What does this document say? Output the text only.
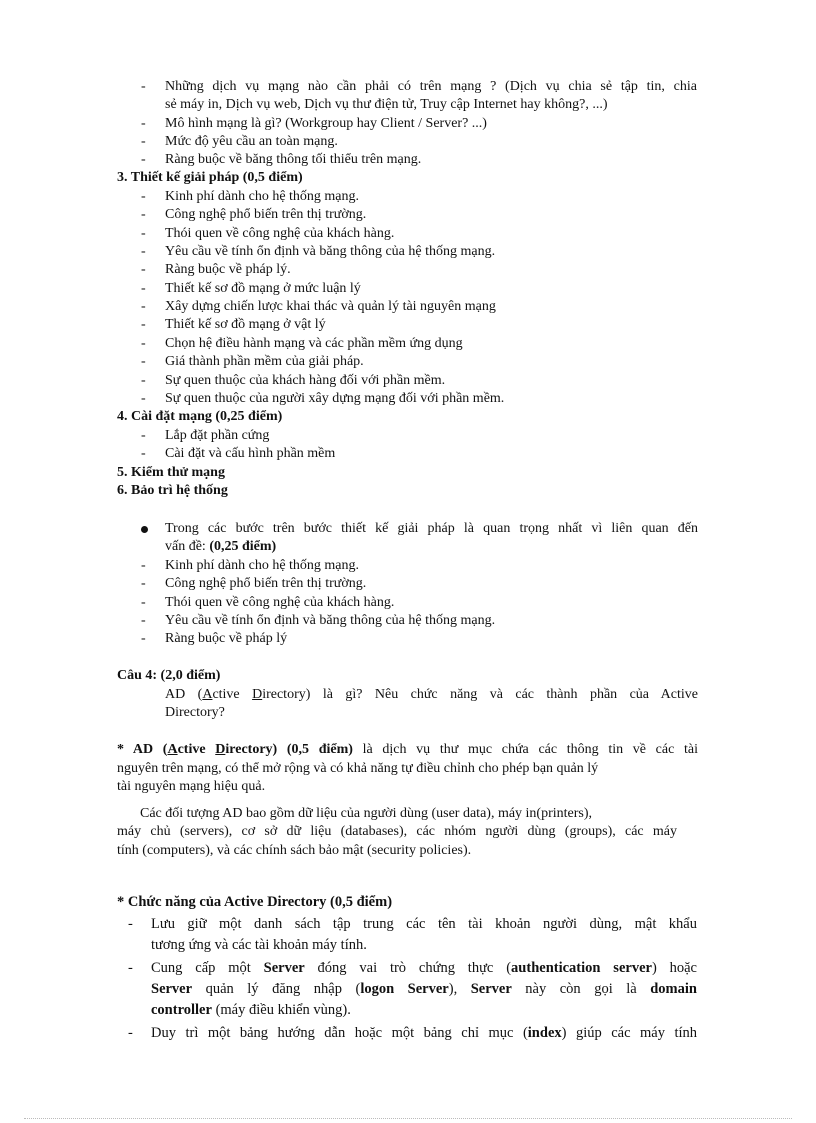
- Những dịch vụ mạng nào cần phải có trên mạng ? (Dịch vụ chia sẻ tập tin, chia
sẻ máy in, Dịch vụ web, Dịch vụ thư điện tử, Truy cập Internet hay không?, ...)
- Mô hình mạng là gì? (Workgroup hay Client / Server? ...)
- Mức độ yêu cầu an toàn mạng.
- Ràng buộc về băng thông tối thiểu trên mạng.
3. Thiết kế giải pháp (0,5 điểm)
- Kinh phí dành cho hệ thống mạng.
- Công nghệ phổ biến trên thị trường.
- Thói quen về công nghệ của khách hàng.
- Yêu cầu về tính ổn định và băng thông của hệ thống mạng.
- Ràng buộc về pháp lý.
- Thiết kế sơ đồ mạng ở mức luận lý
- Xây dựng chiến lược khai thác và quản lý tài nguyên mạng
- Thiết kế sơ đồ mạng ở vật lý
- Chọn hệ điều hành mạng và các phần mềm ứng dụng
- Giá thành phần mềm của giải pháp.
- Sự quen thuộc của khách hàng đối với phần mềm.
- Sự quen thuộc của người xây dựng mạng đối với phần mềm.
4. Cài đặt mạng (0,25 điểm)
- Lắp đặt phần cứng
- Cài đặt và cấu hình phần mềm
5. Kiểm thử mạng
6. Bảo trì hệ thống
Trong các bước trên bước thiết kế giải pháp là quan trọng nhất vì liên quan đến
vấn đề: (0,25 điểm)
- Kinh phí dành cho hệ thống mạng.
- Công nghệ phổ biến trên thị trường.
- Thói quen về công nghệ của khách hàng.
- Yêu cầu về tính ổn định và băng thông của hệ thống mạng.
- Ràng buộc về pháp lý
Câu 4: (2,0 điểm)
AD (Active Directory) là gì? Nêu chức năng và các thành phần của Active
Directory?
* AD (Active Directory) (0,5 điểm) là dịch vụ thư mục chứa các thông tin về các tài
nguyên trên mạng, có thể mở rộng và có khả năng tự điều chỉnh cho phép bạn quản lý
tài nguyên mạng hiệu quả.
Các đối tượng AD bao gồm dữ liệu của người dùng (user data), máy in(printers),
máy chủ (servers), cơ sở dữ liệu (databases), các nhóm người dùng (groups), các máy
tính (computers), và các chính sách bảo mật (security policies).
* Chức năng của Active Directory (0,5 điểm)
- Lưu giữ một danh sách tập trung các tên tài khoản người dùng, mật khẩu
tương ứng và các tài khoản máy tính.
- Cung cấp một Server đóng vai trò chứng thực (authentication server) hoặc
Server quản lý đăng nhập (logon Server), Server này còn gọi là domain
controller (máy điều khiển vùng).
- Duy trì một bảng hướng dẫn hoặc một bảng chỉ mục (index) giúp các máy tính
